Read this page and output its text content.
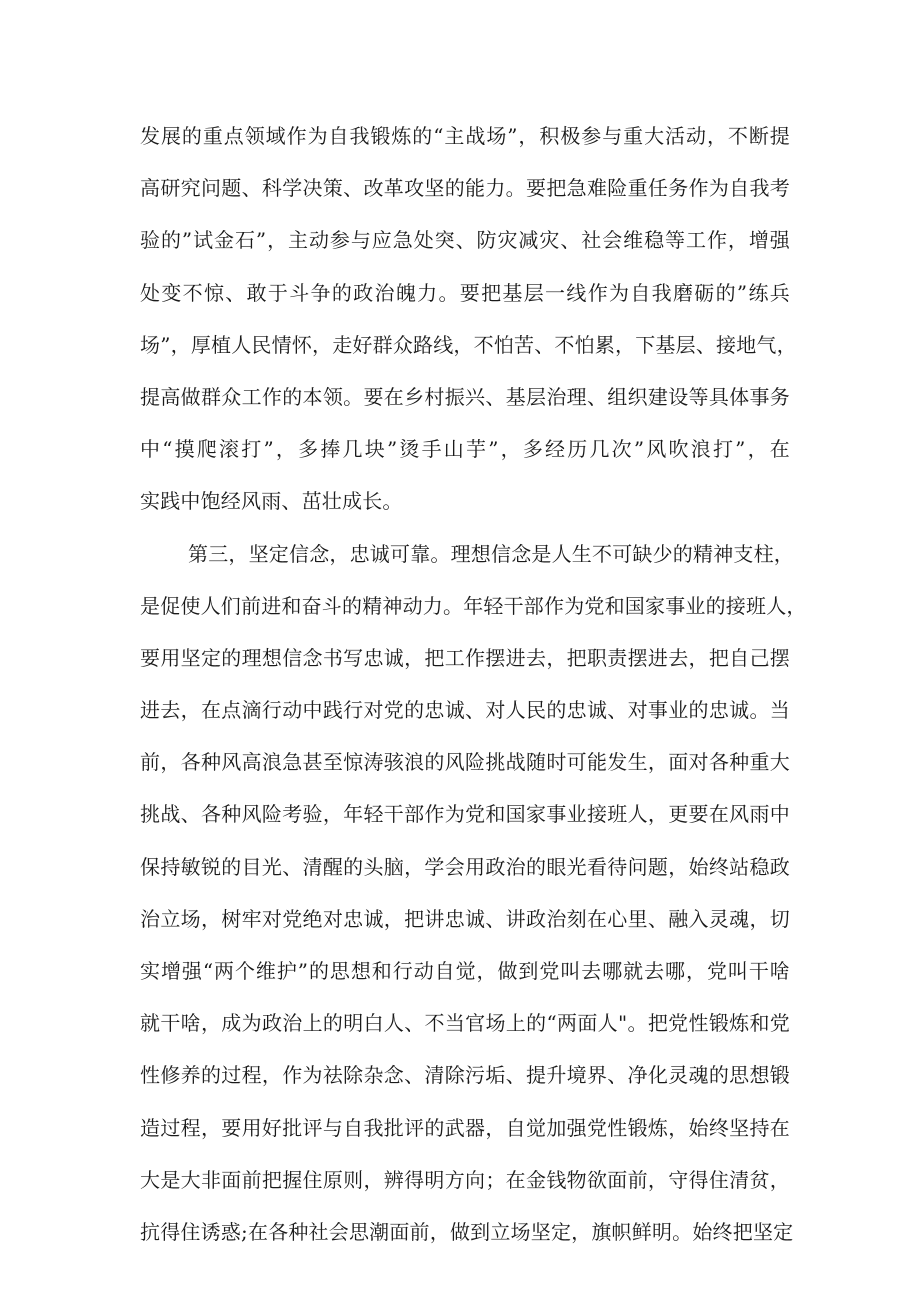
发展的重点领域作为自我锻炼的“主战场”，积极参与重大活动，不断提
高研究问题、科学决策、改革攻坚的能力。要把急难险重任务作为自我考
验的”试金石”，主动参与应急处突、防灾减灾、社会维稳等工作，增强
处变不惊、敢于斗争的政治魄力。要把基层一线作为自我磨砺的”练兵
场”，厚植人民情怀，走好群众路线，不怕苦、不怕累，下基层、接地气，
提高做群众工作的本领。要在乡村振兴、基层治理、组织建设等具体事务
中“摸爬滚打”，多捧几块”烫手山芋”，多经历几次”风吹浪打”，在
实践中饱经风雨、茁壮成长。
第三，坚定信念，忠诚可靠。理想信念是人生不可缺少的精神支柱，
是促使人们前进和奋斗的精神动力。年轻干部作为党和国家事业的接班人，
要用坚定的理想信念书写忠诚，把工作摆进去，把职责摆进去，把自己摆
进去，在点滴行动中践行对党的忠诚、对人民的忠诚、对事业的忠诚。当
前，各种风高浪急甚至惊涛骇浪的风险挑战随时可能发生，面对各种重大
挑战、各种风险考验，年轻干部作为党和国家事业接班人，更要在风雨中
保持敏锐的目光、清醒的头脑，学会用政治的眼光看待问题，始终站稳政
治立场，树牢对党绝对忠诚，把讲忠诚、讲政治刻在心里、融入灵魂，切
实增强“两个维护”的思想和行动自觉，做到党叫去哪就去哪，党叫干啥
就干啥，成为政治上的明白人、不当官场上的“两面人"。把党性锻炼和党
性修养的过程，作为祛除杂念、清除污垢、提升境界、净化灵魂的思想锻
造过程，要用好批评与自我批评的武器，自觉加强党性锻炼，始终坚持在
大是大非面前把握住原则，辨得明方向；在金钱物欲面前，守得住清贫，
抗得住诱惑;在各种社会思潮面前，做到立场坚定，旗帜鲜明。始终把坚定
